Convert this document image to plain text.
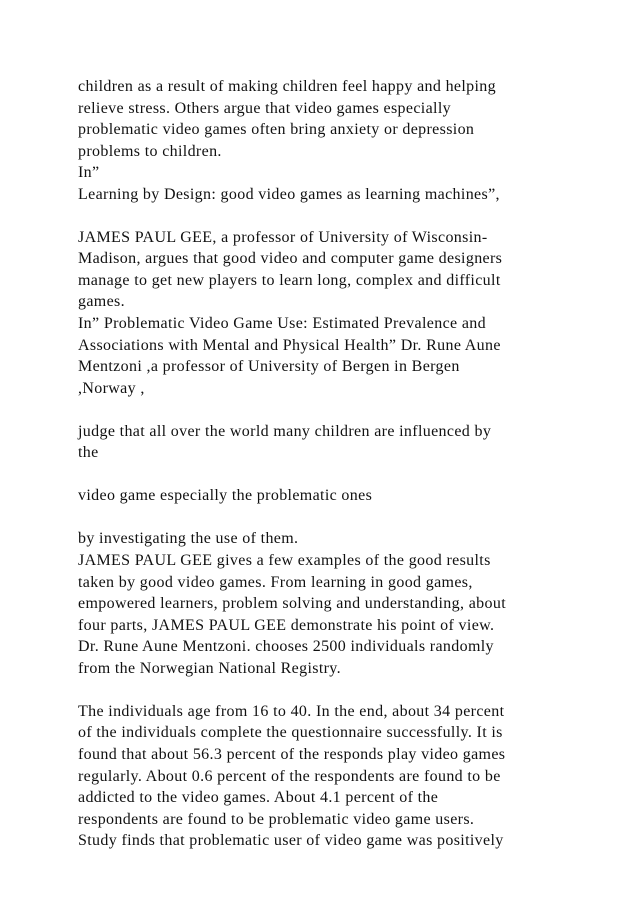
children as a result of making children feel happy and helping
relieve stress. Others argue that video games especially
problematic video games often bring anxiety or depression
problems to children.
In”
Learning by Design: good video games as learning machines”,
JAMES PAUL GEE, a professor of University of Wisconsin-
Madison, argues that good video and computer game designers
manage to get new players to learn long, complex and difficult
games.
In” Problematic Video Game Use: Estimated Prevalence and
Associations with Mental and Physical Health” Dr. Rune Aune
Mentzoni ,a professor of University of Bergen in Bergen
,Norway ,
judge that all over the world many children are influenced by
the
video game especially the problematic ones
by investigating the use of them.
JAMES PAUL GEE gives a few examples of the good results
taken by good video games. From learning in good games,
empowered learners, problem solving and understanding, about
four parts, JAMES PAUL GEE demonstrate his point of view.
Dr. Rune Aune Mentzoni. chooses 2500 individuals randomly
from the Norwegian National Registry.
The individuals age from 16 to 40. In the end, about 34 percent
of the individuals complete the questionnaire successfully. It is
found that about 56.3 percent of the responds play video games
regularly. About 0.6 percent of the respondents are found to be
addicted to the video games. About 4.1 percent of the
respondents are found to be problematic video game users.
Study finds that problematic user of video game was positively
